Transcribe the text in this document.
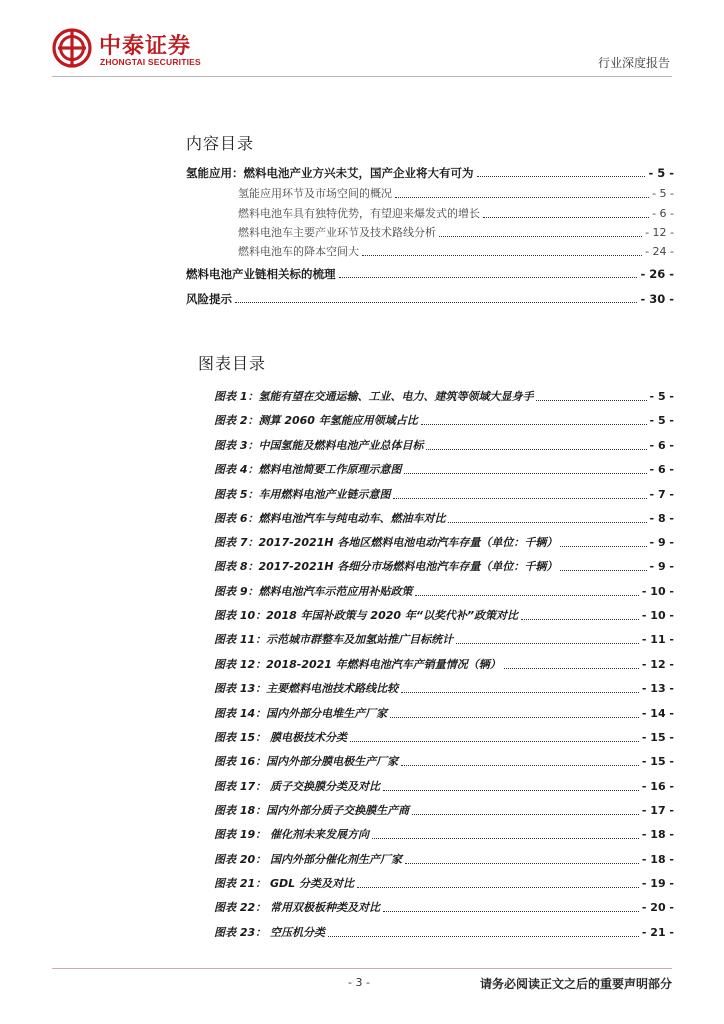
中泰证券
ZHONGTAI SECURITIES	行业深度报告
内容目录
氢能应用：燃料电池产业方兴未艾，国产企业将大有可为	- 5 -
氢能应用环节及市场空间的概况	- 5 -
燃料电池车具有独特优势，有望迎来爆发式的增长	- 6 -
燃料电池车主要产业环节及技术路线分析	- 12 -
燃料电池车的降本空间大	- 24 -
燃料电池产业链相关标的梳理	- 26 -
风险提示	- 30 -
图表目录
图表 1：氢能有望在交通运输、工业、电力、建筑等领域大显身手	- 5 -
图表 2：测算 2060 年氢能应用领域占比	- 5 -
图表 3：中国氢能及燃料电池产业总体目标	- 6 -
图表 4：燃料电池简要工作原理示意图	- 6 -
图表 5：车用燃料电池产业链示意图	- 7 -
图表 6：燃料电池汽车与纯电动车、燃油车对比	- 8 -
图表 7：2017-2021H 各地区燃料电池电动汽车存量（单位：千辆）	- 9 -
图表 8：2017-2021H 各细分市场燃料电池汽车存量（单位：千辆）	- 9 -
图表 9：燃料电池汽车示范应用补贴政策	- 10 -
图表 10：2018 年国补政策与 2020 年“以奖代补”政策对比	- 10 -
图表 11：示范城市群整车及加氢站推广目标统计	- 11 -
图表 12：2018-2021 年燃料电池汽车产销量情况（辆）	- 12 -
图表 13：主要燃料电池技术路线比较	- 13 -
图表 14：国内外部分电堆生产厂家	- 14 -
图表 15： 膜电极技术分类	- 15 -
图表 16：国内外部分膜电极生产厂家	- 15 -
图表 17： 质子交换膜分类及对比	- 16 -
图表 18：国内外部分质子交换膜生产商	- 17 -
图表 19： 催化剂未来发展方向	- 18 -
图表 20： 国内外部分催化剂生产厂家	- 18 -
图表 21： GDL 分类及对比	- 19 -
图表 22： 常用双极板种类及对比	- 20 -
图表 23： 空压机分类	- 21 -
- 3 -	请务必阅读正文之后的重要声明部分
